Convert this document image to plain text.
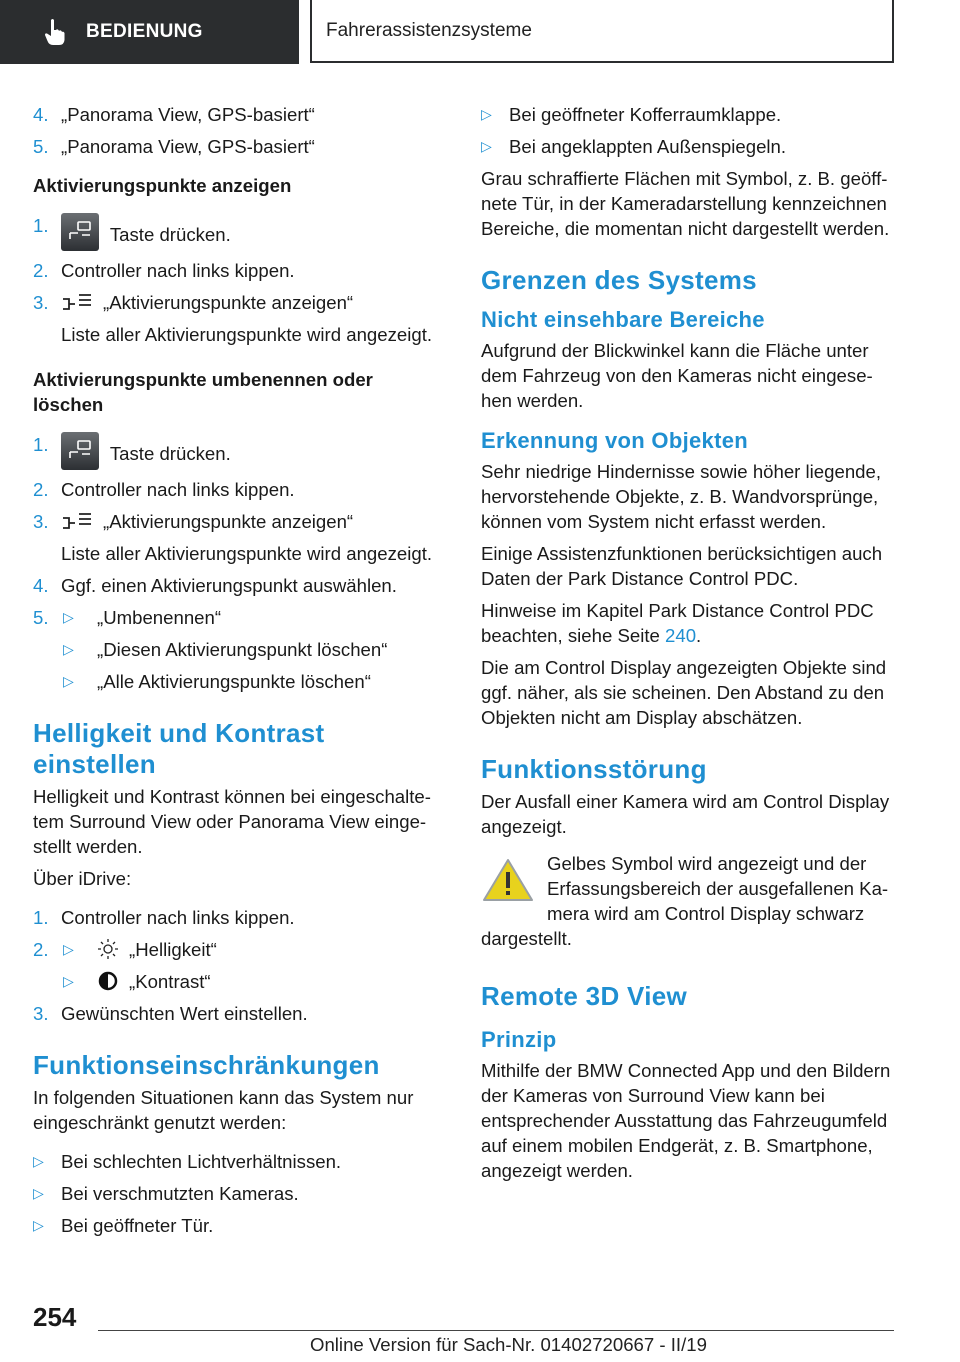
BEDIENUNG	Fahrerassistenzsysteme
4. „Panorama View, GPS-basiert“
5. „Panorama View, GPS-basiert“
Aktivierungspunkte anzeigen
1.	Taste drücken.
2. Controller nach links kippen.
3.	„Aktivierungspunkte anzeigen“
Liste aller Aktivierungspunkte wird angezeigt.
Aktivierungspunkte umbenennen oder löschen
1.	Taste drücken.
2. Controller nach links kippen.
3.	„Aktivierungspunkte anzeigen“
Liste aller Aktivierungspunkte wird angezeigt.
4. Ggf. einen Aktivierungspunkt auswählen.
5. ▷ „Umbenennen“
▷ „Diesen Aktivierungspunkt löschen“
▷ „Alle Aktivierungspunkte löschen“
Helligkeit und Kontrast einstellen
Helligkeit und Kontrast können bei eingeschaltetem Surround View oder Panorama View eingestellt werden.
Über iDrive:
1. Controller nach links kippen.
2. ▷	„Helligkeit“
▷	„Kontrast“
3. Gewünschten Wert einstellen.
Funktionseinschränkungen
In folgenden Situationen kann das System nur eingeschränkt genutzt werden:
▷ Bei schlechten Lichtverhältnissen.
▷ Bei verschmutzten Kameras.
▷ Bei geöffneter Tür.
▷ Bei geöffneter Kofferraumklappe.
▷ Bei angeklappten Außenspiegeln.
Grau schraffierte Flächen mit Symbol, z. B. geöffnete Tür, in der Kameradarstellung kennzeichnen Bereiche, die momentan nicht dargestellt werden.
Grenzen des Systems
Nicht einsehbare Bereiche
Aufgrund der Blickwinkel kann die Fläche unter dem Fahrzeug von den Kameras nicht eingesehen werden.
Erkennung von Objekten
Sehr niedrige Hindernisse sowie höher liegende, hervorstehende Objekte, z. B. Wandvorsprünge, können vom System nicht erfasst werden.
Einige Assistenzfunktionen berücksichtigen auch Daten der Park Distance Control PDC.
Hinweise im Kapitel Park Distance Control PDC beachten, siehe Seite 240.
Die am Control Display angezeigten Objekte sind ggf. näher, als sie scheinen. Den Abstand zu den Objekten nicht am Display abschätzen.
Funktionsstörung
Der Ausfall einer Kamera wird am Control Display angezeigt.
Gelbes Symbol wird angezeigt und der Erfassungsbereich der ausgefallenen Kamera wird am Control Display schwarz
dargestellt.
Remote 3D View
Prinzip
Mithilfe der BMW Connected App und den Bildern der Kameras von Surround View kann bei entsprechender Ausstattung das Fahrzeugumfeld auf einem mobilen Endgerät, z. B. Smartphone, angezeigt werden.
254
Online Version für Sach-Nr. 01402720667 - II/19
